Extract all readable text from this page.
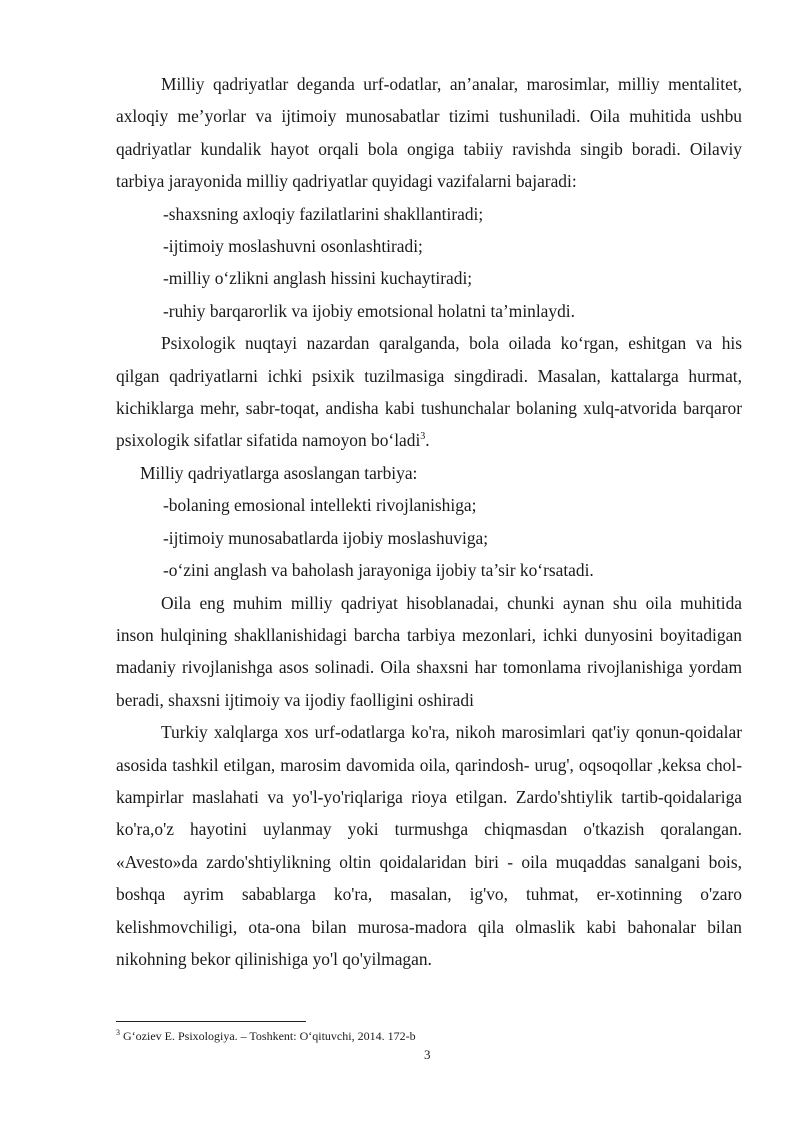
Milliy qadriyatlar deganda urf-odatlar, an’analar, marosimlar, milliy mentalitet, axloqiy me’yorlar va ijtimoiy munosabatlar tizimi tushuniladi. Oila muhitida ushbu qadriyatlar kundalik hayot orqali bola ongiga tabiiy ravishda singib boradi. Oilaviy tarbiya jarayonida milliy qadriyatlar quyidagi vazifalarni bajaradi:

-shaxsning axloqiy fazilatlarini shakllantiradi;

-ijtimoiy moslashuvni osonlashtiradi;

-milliy o‘zlikni anglash hissini kuchaytiradi;

-ruhiy barqarorlik va ijobiy emotsional holatni ta’minlaydi.

Psixologik nuqtayi nazardan qaralganda, bola oilada ko‘rgan, eshitgan va his qilgan qadriyatlarni ichki psixik tuzilmasiga singdiradi. Masalan, kattalarga hurmat, kichiklarga mehr, sabr-toqat, andisha kabi tushunchalar bolaning xulq-atvorida barqaror psixologik sifatlar sifatida namoyon bo‘ladi$^3$.

Milliy qadriyatlarga asoslangan tarbiya:

-bolaning emosional intellekti rivojlanishiga;

-ijtimoiy munosabatlarda ijobiy moslashuviga;

-o‘zini anglash va baholash jarayoniga ijobiy ta’sir ko‘rsatadi.

Oila eng muhim milliy qadriyat hisoblanadai, chunki aynan shu oila muhitida inson hulqining shakllanishidagi barcha tarbiya mezonlari, ichki dunyosini boyitadigan madaniy rivojlanishga asos solinadi. Oila shaxsni har tomonlama rivojlanishiga yordam beradi, shaxsni ijtimoiy va ijodiy faolligini oshiradi

Turkiy xalqlarga xos urf-odatlarga ko'ra, nikoh marosimlari qat'iy qonun-qoidalar asosida tashkil etilgan, marosim davomida oila, qarindosh- urug', oqsoqollar ,keksa chol-kampirlar maslahati va yo'l-yo'riqlariga rioya etilgan. Zardo'shtiylik tartib-qoidalariga ko'ra,o'z hayotini uylanmay yoki turmushga chiqmasdan o'tkazish qoralangan. «Avesto»da zardo'shtiylikning oltin qoidalaridan biri - oila muqaddas sanalgani bois, boshqa ayrim sabablarga ko'ra, masalan, ig'vo, tuhmat, er-xotinning o'zaro kelishmovchiligi, ota-ona bilan murosa-madora qila olmaslik kabi bahonalar bilan nikohning bekor qilinishiga yo'l qo'yilmagan.

$^3$ G‘oziev E. Psixologiya. – Toshkent: O‘qituvchi, 2014. 172-b
3
